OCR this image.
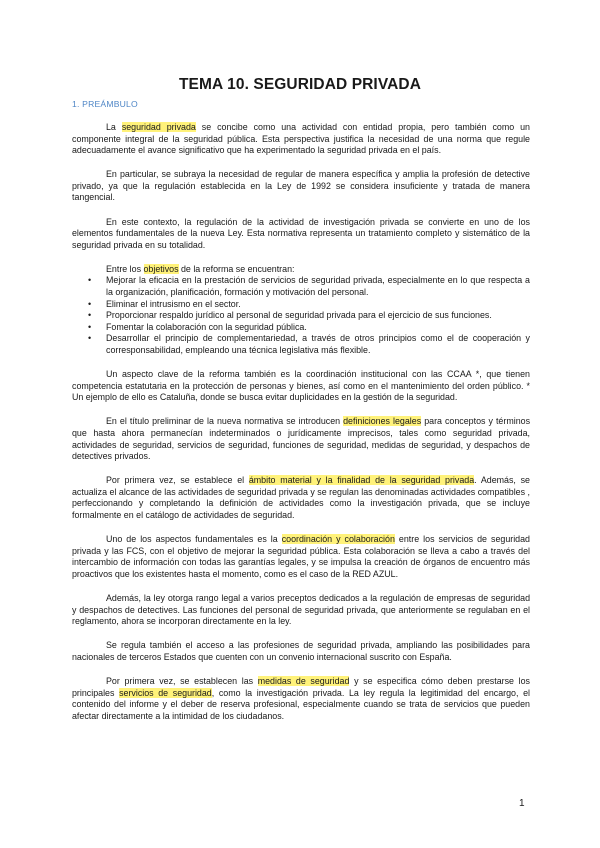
TEMA 10. SEGURIDAD PRIVADA
1. PREÁMBULO

La seguridad privada se concibe como una actividad con entidad propia, pero también como un componente integral de la seguridad pública. Esta perspectiva justifica la necesidad de una norma que regule adecuadamente el avance significativo que ha experimentado la seguridad privada en el país.

En particular, se subraya la necesidad de regular de manera específica y amplia la profesión de detective privado, ya que la regulación establecida en la Ley de 1992 se considera insuficiente y tratada de manera tangencial.

En este contexto, la regulación de la actividad de investigación privada se convierte en uno de los elementos fundamentales de la nueva Ley. Esta normativa representa un tratamiento completo y sistemático de la seguridad privada en su totalidad.

Entre los objetivos de la reforma se encuentran:

• Mejorar la eficacia en la prestación de servicios de seguridad privada, especialmente en lo que respecta a la organización, planificación, formación y motivación del personal.
• Eliminar el intrusismo en el sector.
• Proporcionar respaldo jurídico al personal de seguridad privada para el ejercicio de sus funciones.
• Fomentar la colaboración con la seguridad pública.
• Desarrollar el principio de complementariedad, a través de otros principios como el de cooperación y corresponsabilidad, empleando una técnica legislativa más flexible.

Un aspecto clave de la reforma también es la coordinación institucional con las CCAA *, que tienen competencia estatutaria en la protección de personas y bienes, así como en el mantenimiento del orden público. * Un ejemplo de ello es Cataluña, donde se busca evitar duplicidades en la gestión de la seguridad.

En el título preliminar de la nueva normativa se introducen definiciones legales para conceptos y términos que hasta ahora permanecían indeterminados o jurídicamente imprecisos, tales como seguridad privada, actividades de seguridad, servicios de seguridad, funciones de seguridad, medidas de seguridad, y despachos de detectives privados.

Por primera vez, se establece el ámbito material y la finalidad de la seguridad privada. Además, se actualiza el alcance de las actividades de seguridad privada y se regulan las denominadas actividades compatibles , perfeccionando y completando la definición de actividades como la investigación privada, que se incluye formalmente en el catálogo de actividades de seguridad.

Uno de los aspectos fundamentales es la coordinación y colaboración entre los servicios de seguridad privada y las FCS, con el objetivo de mejorar la seguridad pública. Esta colaboración se lleva a cabo a través del intercambio de información con todas las garantías legales, y se impulsa la creación de órganos de encuentro más proactivos que los existentes hasta el momento, como es el caso de la RED AZUL.

Además, la ley otorga rango legal a varios preceptos dedicados a la regulación de empresas de seguridad y despachos de detectives. Las funciones del personal de seguridad privada, que anteriormente se regulaban en el reglamento, ahora se incorporan directamente en la ley.

Se regula también el acceso a las profesiones de seguridad privada, ampliando las posibilidades para nacionales de terceros Estados que cuenten con un convenio internacional suscrito con España.

Por primera vez, se establecen las medidas de seguridad y se especifica cómo deben prestarse los principales servicios de seguridad, como la investigación privada. La ley regula la legitimidad del encargo, el contenido del informe y el deber de reserva profesional, especialmente cuando se trata de servicios que pueden afectar directamente a la intimidad de los ciudadanos.

1
